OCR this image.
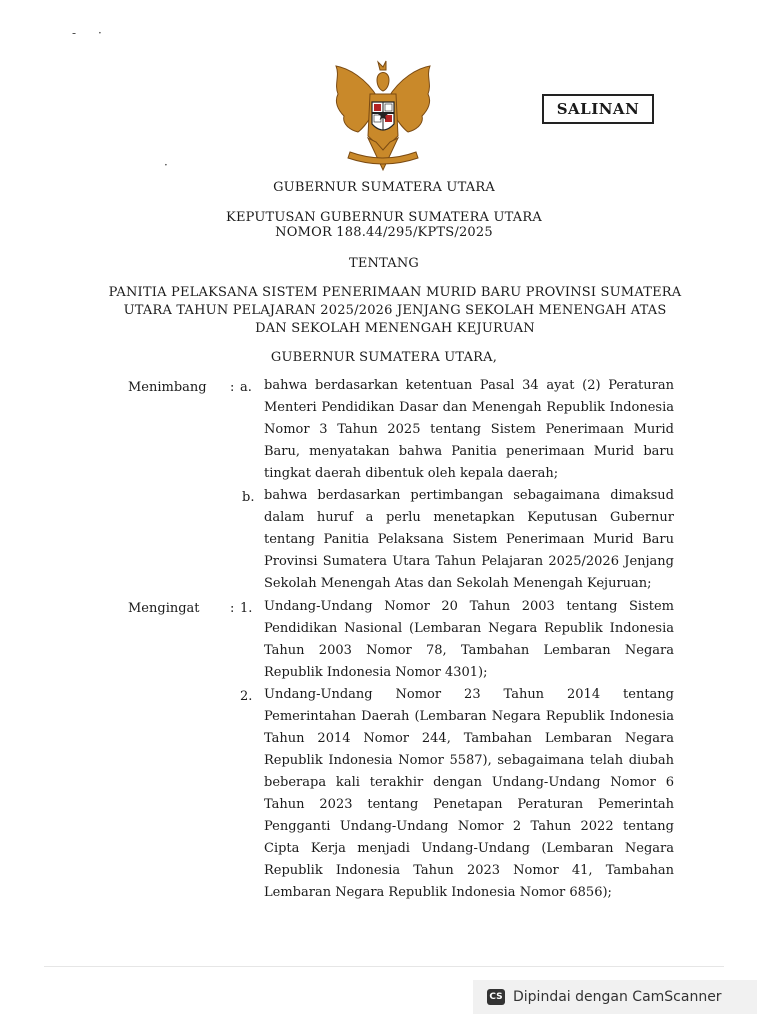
- ·
·
SALINAN
GUBERNUR SUMATERA UTARA
KEPUTUSAN GUBERNUR SUMATERA UTARA
NOMOR 188.44/295/KPTS/2025
TENTANG
PANITIA PELAKSANA SISTEM PENERIMAAN MURID BARU PROVINSI SUMATERA
UTARA TAHUN PELAJARAN 2025/2026 JENJANG SEKOLAH MENENGAH ATAS
DAN SEKOLAH MENENGAH KEJURUAN
GUBERNUR SUMATERA UTARA,
Menimbang : a. bahwa berdasarkan ketentuan Pasal 34 ayat (2) Peraturan Menteri Pendidikan Dasar dan Menengah Republik Indonesia Nomor 3 Tahun 2025 tentang Sistem Penerimaan Murid Baru, menyatakan bahwa Panitia penerimaan Murid baru tingkat daerah dibentuk oleh kepala daerah;
b. bahwa berdasarkan pertimbangan sebagaimana dimaksud dalam huruf a perlu menetapkan Keputusan Gubernur tentang Panitia Pelaksana Sistem Penerimaan Murid Baru Provinsi Sumatera Utara Tahun Pelajaran 2025/2026 Jenjang Sekolah Menengah Atas dan Sekolah Menengah Kejuruan;
Mengingat : 1. Undang-Undang Nomor 20 Tahun 2003 tentang Sistem Pendidikan Nasional (Lembaran Negara Republik Indonesia Tahun 2003 Nomor 78, Tambahan Lembaran Negara Republik Indonesia Nomor 4301);
2. Undang-Undang Nomor 23 Tahun 2014 tentang Pemerintahan Daerah (Lembaran Negara Republik Indonesia Tahun 2014 Nomor 244, Tambahan Lembaran Negara Republik Indonesia Nomor 5587), sebagaimana telah diubah beberapa kali terakhir dengan Undang-Undang Nomor 6 Tahun 2023 tentang Penetapan Peraturan Pemerintah Pengganti Undang-Undang Nomor 2 Tahun 2022 tentang Cipta Kerja menjadi Undang-Undang (Lembaran Negara Republik Indonesia Tahun 2023 Nomor 41, Tambahan Lembaran Negara Republik Indonesia Nomor 6856);
CS Dipindai dengan CamScanner
